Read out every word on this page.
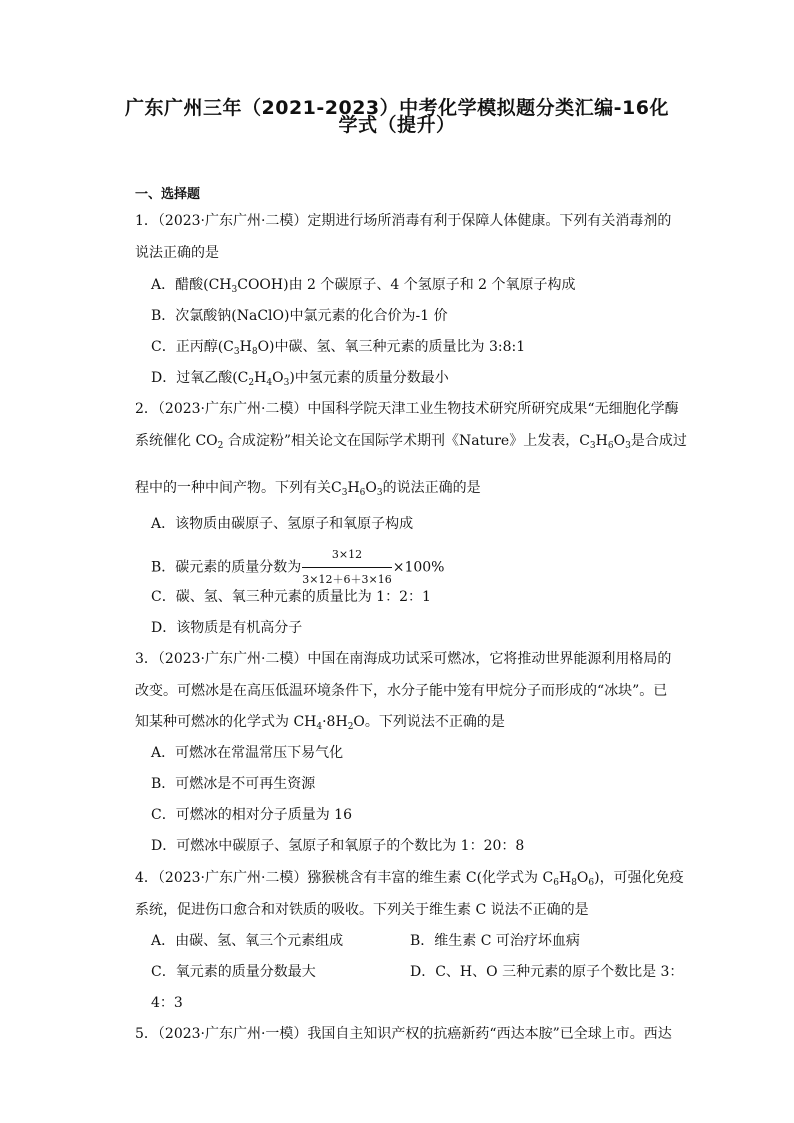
广东广州三年（2021-2023）中考化学模拟题分类汇编-16化
学式（提升）
一、选择题
1．（2023·广东广州·二模）定期进行场所消毒有利于保障人体健康。下列有关消毒剂的
说法正确的是
A．醋酸$(CH_3COOH)$由 2 个碳原子、4 个氢原子和 2 个氧原子构成
B．次氯酸钠(NaClO)中氯元素的化合价为-1 价
C．正丙醇$(C_3H_8O)$中碳、氢、氧三种元素的质量比为 3:8:1
D．过氧乙酸$(C_2H_4O_3)$中氢元素的质量分数最小
2．（2023·广东广州·二模）中国科学院天津工业生物技术研究所研究成果“无细胞化学酶
系统催化 $CO_2$ 合成淀粉”相关论文在国际学术期刊《Nature》上发表，$C_3H_6O_3$是合成过
程中的一种中间产物。下列有关$C_3H_6O_3$的说法正确的是
A．该物质由碳原子、氢原子和氧原子构成
B．碳元素的质量分数为 $\frac{3\times 12}{3\times 12+6+3\times 16} \times 100\%$
C．碳、氢、氧三种元素的质量比为 1：2：1
D．该物质是有机高分子
3．（2023·广东广州·二模）中国在南海成功试采可燃冰，它将推动世界能源利用格局的
改变。可燃冰是在高压低温环境条件下，水分子能中笼有甲烷分子而形成的“冰块”。已
知某种可燃冰的化学式为 $CH_4\cdot 8H_2O$。下列说法不正确的是
A．可燃冰在常温常压下易气化
B．可燃冰是不可再生资源
C．可燃冰的相对分子质量为 16
D．可燃冰中碳原子、氢原子和氧原子的个数比为 1：20：8
4．（2023·广东广州·二模）猕猴桃含有丰富的维生素 C(化学式为 $C_6H_8O_6$)，可强化免疫
系统，促进伤口愈合和对铁质的吸收。下列关于维生素 C 说法不正确的是
A．由碳、氢、氧三个元素组成	B．维生素 C 可治疗坏血病
C．氧元素的质量分数最大	D．C、H、O 三种元素的原子个数比是 3：
4：3
5．（2023·广东广州·一模）我国自主知识产权的抗癌新药“西达本胺”已全球上市。西达
